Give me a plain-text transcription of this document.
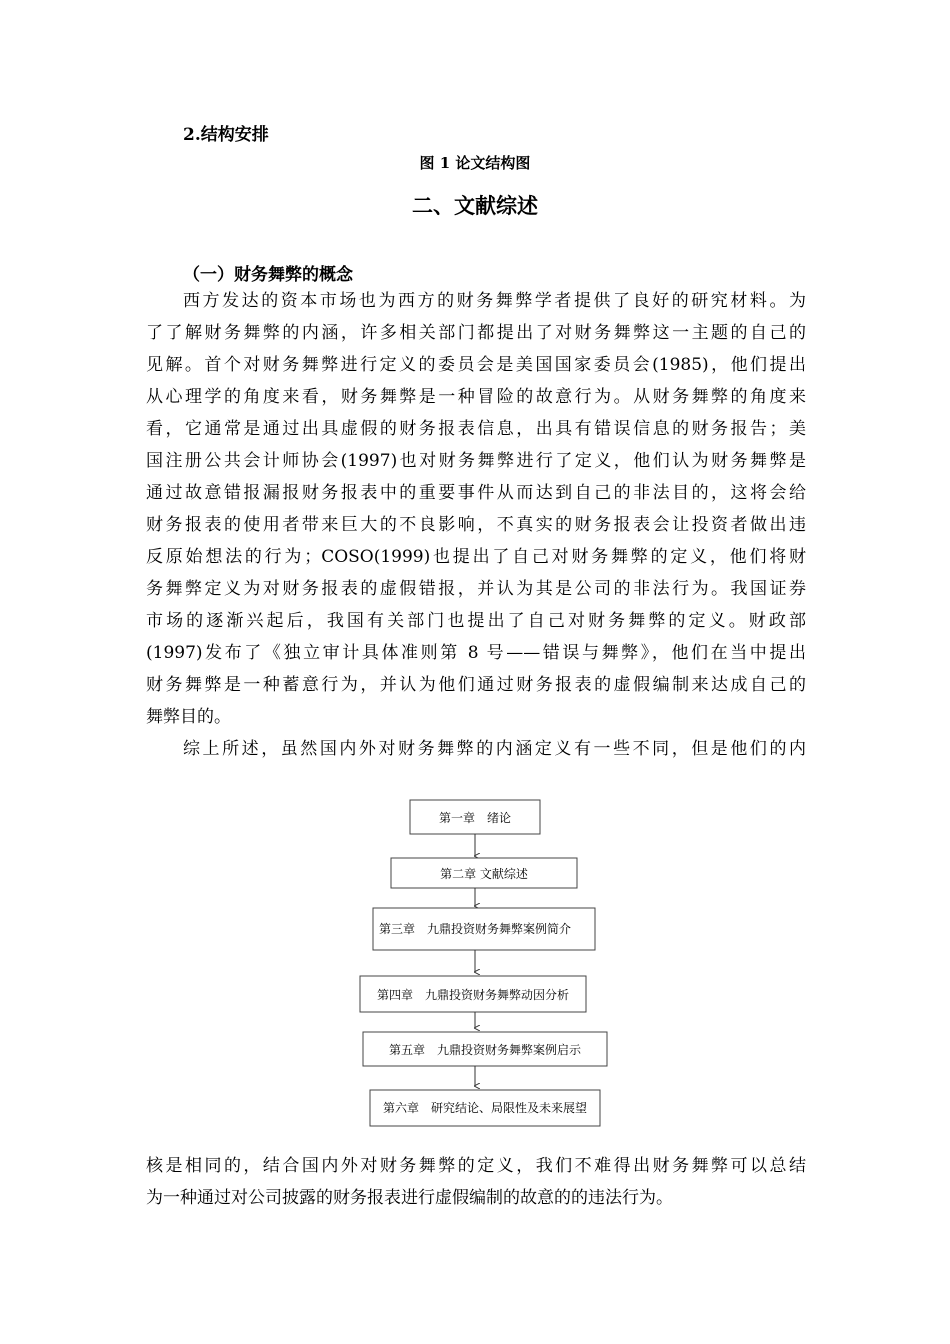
2.结构安排
图 1 论文结构图
二、文献综述
（一）财务舞弊的概念
西方发达的资本市场也为西方的财务舞弊学者提供了良好的研究材料。为
了了解财务舞弊的内涵，许多相关部门都提出了对财务舞弊这一主题的自己的
见解。首个对财务舞弊进行定义的委员会是美国国家委员会(1985)，他们提出
从心理学的角度来看，财务舞弊是一种冒险的故意行为。从财务舞弊的角度来
看，它通常是通过出具虚假的财务报表信息，出具有错误信息的财务报告；美
国注册公共会计师协会(1997)也对财务舞弊进行了定义，他们认为财务舞弊是
通过故意错报漏报财务报表中的重要事件从而达到自己的非法目的，这将会给
财务报表的使用者带来巨大的不良影响，不真实的财务报表会让投资者做出违
反原始想法的行为；COSO(1999)也提出了自己对财务舞弊的定义，他们将财
务舞弊定义为对财务报表的虚假错报，并认为其是公司的非法行为。我国证券
市场的逐渐兴起后，我国有关部门也提出了自己对财务舞弊的定义。财政部
(1997)发布了《独立审计具体准则第 8 号——错误与舞弊》，他们在当中提出
财务舞弊是一种蓄意行为，并认为他们通过财务报表的虚假编制来达成自己的
舞弊目的。
综上所述，虽然国内外对财务舞弊的内涵定义有一些不同，但是他们的内
第一章　绪论
第二章 文献综述
第三章　九鼎投资财务舞弊案例简介
第四章　九鼎投资财务舞弊动因分析
第五章　九鼎投资财务舞弊案例启示
第六章　研究结论、局限性及未来展望
核是相同的，结合国内外对财务舞弊的定义，我们不难得出财务舞弊可以总结
为一种通过对公司披露的财务报表进行虚假编制的故意的的违法行为。
